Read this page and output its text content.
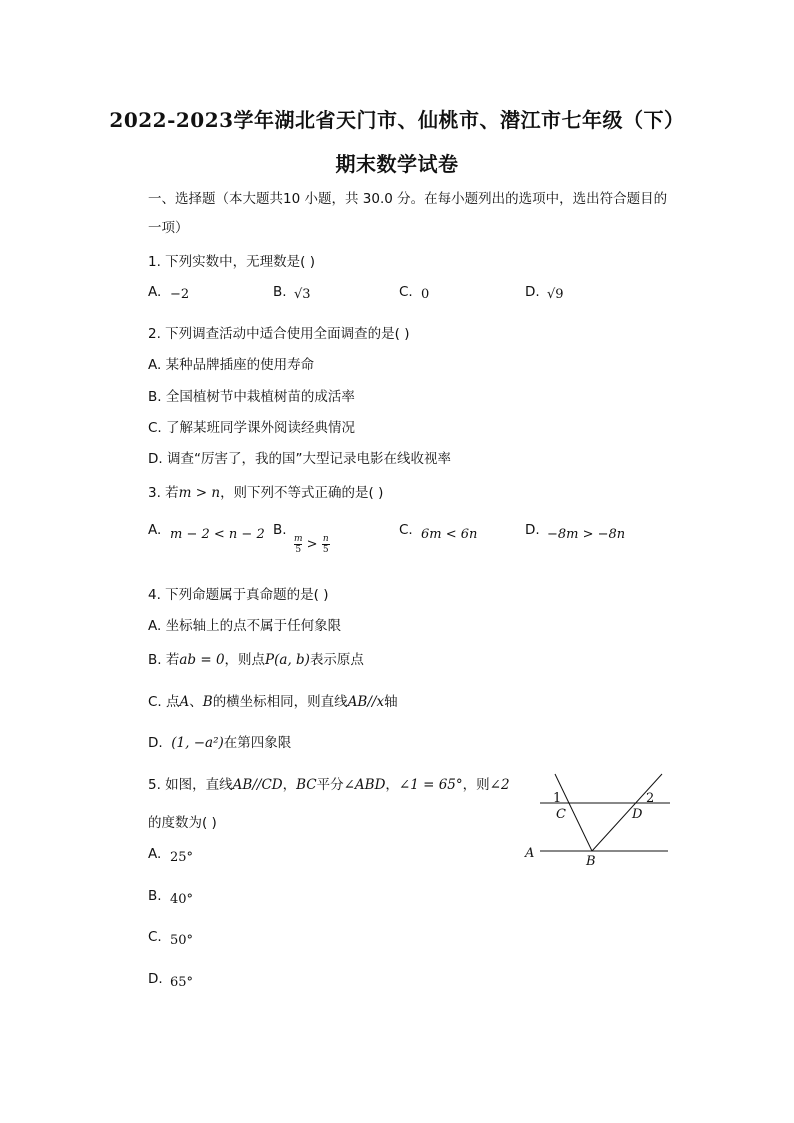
2022-2023学年湖北省天门市、仙桃市、潜江市七年级（下）
期末数学试卷
一、选择题（本大题共10 小题，共 30.0 分。在每小题列出的选项中，选出符合题目的
一项）
1. 下列实数中，无理数是( )
A. −2	B. √3	C. 0	D. √9
2. 下列调查活动中适合使用全面调查的是( )
A. 某种品牌插座的使用寿命
B. 全国植树节中栽植树苗的成活率
C. 了解某班同学课外阅读经典情况
D. 调查“厉害了，我的国”大型记录电影在线收视率
3. 若m > n，则下列不等式正确的是( )
A. m − 2 < n − 2 B.
$\frac{m}{5} > \frac{n}{5}$
C. 6m < 6n	D. −8m > −8n
4. 下列命题属于真命题的是( )
A. 坐标轴上的点不属于任何象限
B. 若ab = 0，则点P(a, b)表示原点
C. 点A、B的横坐标相同，则直线AB//x轴
D. (1, −a²)在第四象限
5. 如图，直线AB//CD，BC平分∠ABD，∠1 = 65°，则∠2
的度数为( )
A. 25°
B. 40°
C. 50°
D. 65°
1	2
C	D
A
B
